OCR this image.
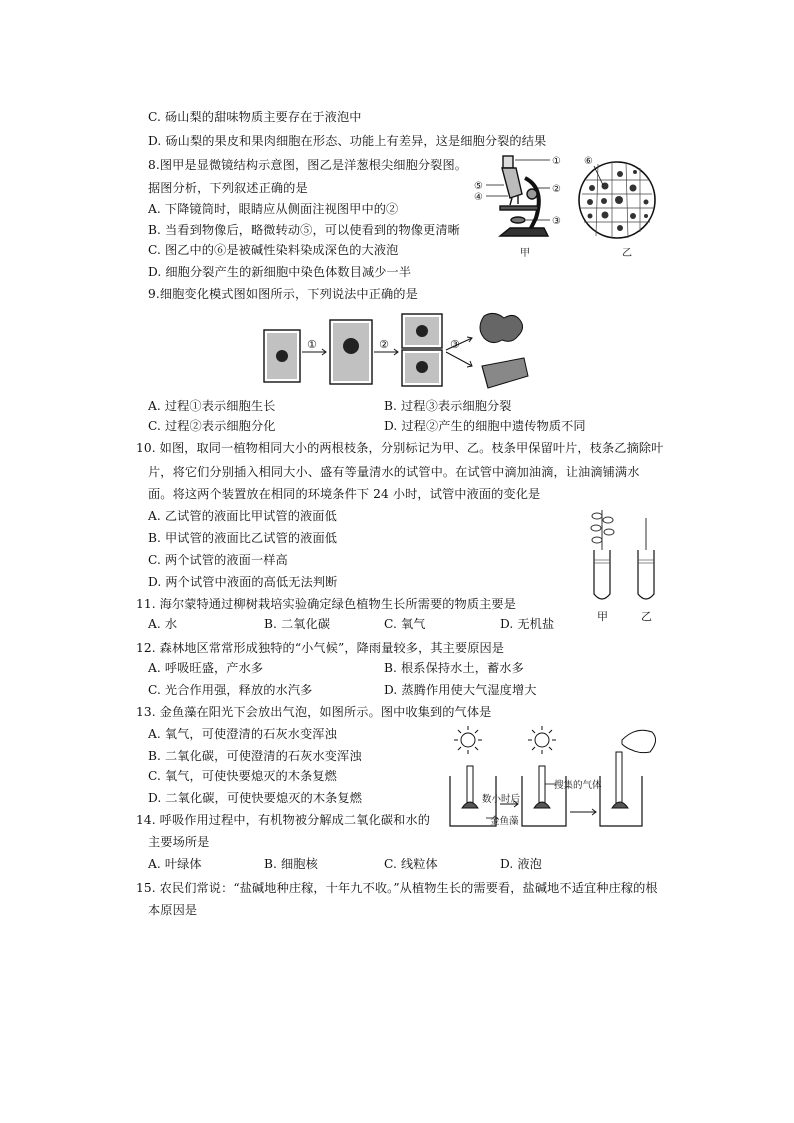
C. 砀山梨的甜味物质主要存在于液泡中
D. 砀山梨的果皮和果肉细胞在形态、功能上有差异，这是细胞分裂的结果
8.图甲是显微镜结构示意图，图乙是洋葱根尖细胞分裂图。
据图分析，下列叙述正确的是
A. 下降镜筒时，眼睛应从侧面注视图甲中的②
B. 当看到物像后，略微转动⑤，可以使看到的物像更清晰
C. 图乙中的⑥是被碱性染料染成深色的大液泡
D. 细胞分裂产生的新细胞中染色体数目减少一半
①
②
③
④
⑤
甲
⑥
乙
9.细胞变化模式图如图所示，下列说法中正确的是
①	②	③
A. 过程①表示细胞生长	B. 过程③表示细胞分裂
C. 过程②表示细胞分化	D. 过程②产生的细胞中遗传物质不同
10. 如图，取同一植物相同大小的两根枝条，分别标记为甲、乙。枝条甲保留叶片，枝条乙摘除叶
片，将它们分别插入相同大小、盛有等量清水的试管中。在试管中滴加油滴，让油滴铺满水
面。将这两个装置放在相同的环境条件下 24 小时，试管中液面的变化是
A. 乙试管的液面比甲试管的液面低
B. 甲试管的液面比乙试管的液面低
C. 两个试管的液面一样高
D. 两个试管中液面的高低无法判断
甲	乙
11. 海尔蒙特通过柳树栽培实验确定绿色植物生长所需要的物质主要是
A. 水	B. 二氧化碳	C. 氧气	D. 无机盐
12. 森林地区常常形成独特的“小气候”，降雨量较多，其主要原因是
A. 呼吸旺盛，产水多	B. 根系保持水土，蓄水多
C. 光合作用强，释放的水汽多	D. 蒸腾作用使大气湿度增大
13. 金鱼藻在阳光下会放出气泡，如图所示。图中收集到的气体是
A. 氧气，可使澄清的石灰水变浑浊
B. 二氧化碳，可使澄清的石灰水变浑浊
C. 氧气，可使快要熄灭的木条复燃
D. 二氧化碳，可使快要熄灭的木条复燃	数小时后
搜集的气体
金鱼藻
14. 呼吸作用过程中，有机物被分解成二氧化碳和水的
主要场所是
A. 叶绿体	B. 细胞核	C. 线粒体	D. 液泡
15. 农民们常说：“盐碱地种庄稼，十年九不收。”从植物生长的需要看，盐碱地不适宜种庄稼的根
本原因是
